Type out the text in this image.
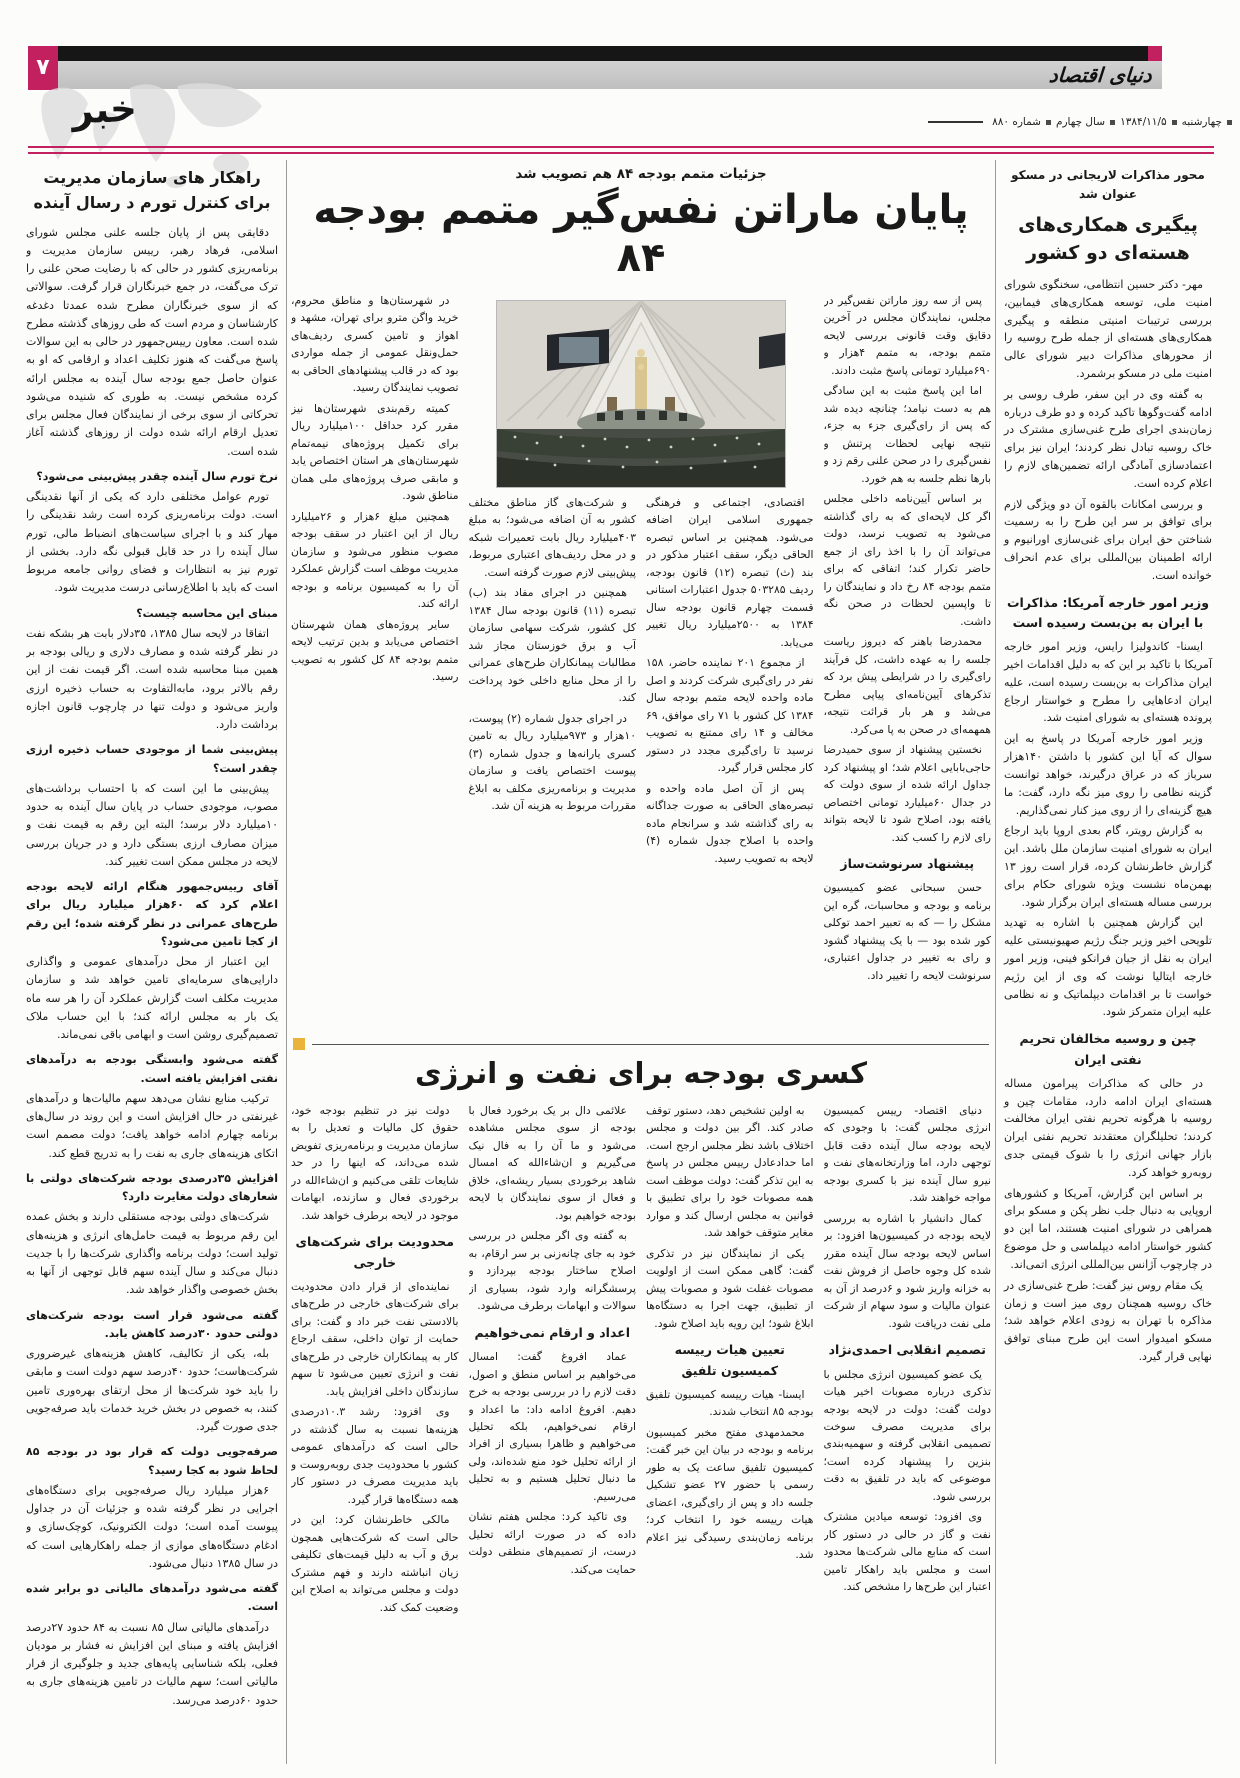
۷	دنیای اقتصاد
خبر	چهارشنبه
۱۳۸۴/۱۱/۵
سال چهارم
شماره ۸۸۰
محور مذاکرات لاریجانی در مسکو عنوان شد
پیگیری همکاری‌های هسته‌ای دو کشور
مهر- دکتر حسین انتظامی، سخنگوی شورای امنیت ملی، توسعه همکاری‌های فیمابین، بررسی ترتیبات امنیتی منطقه و پیگیری همکاری‌های هسته‌ای از جمله طرح روسیه را از محورهای مذاکرات دبیر شورای عالی امنیت ملی در مسکو برشمرد.
به گفته وی در این سفر، طرف روسی بر ادامه گفت‌وگوها تاکید کرده و دو طرف درباره زمان‌بندی اجرای طرح غنی‌سازی مشترک در خاک روسیه تبادل نظر کردند؛ ایران نیز برای اعتمادسازی آمادگی ارائه تضمین‌های لازم را اعلام کرده است.
و بررسی امکانات بالقوه آن دو ویژگی لازم برای توافق بر سر این طرح را به رسمیت شناختن حق ایران برای غنی‌سازی اورانیوم و ارائه اطمینان بین‌المللی برای عدم انحراف خوانده است.
وزیر امور خارجه آمریکا: مذاکرات با ایران به بن‌بست رسیده است
ایسنا- کاندولیزا رایس، وزیر امور خارجه آمریکا با تاکید بر این که به دلیل اقدامات اخیر ایران مذاکرات به بن‌بست رسیده است، علیه ایران ادعاهایی را مطرح و خواستار ارجاع پرونده هسته‌ای به شورای امنیت شد.
وزیر امور خارجه آمریکا در پاسخ به این سوال که آیا این کشور با داشتن ۱۴۰هزار سرباز که در عراق درگیرند، خواهد توانست گزینه نظامی را روی میز نگه دارد، گفت: ما هیچ گزینه‌ای را از روی میز کنار نمی‌گذاریم.
به گزارش رویتر، گام بعدی اروپا باید ارجاع ایران به شورای امنیت سازمان ملل باشد. این گزارش خاطرنشان کرده، قرار است روز ۱۳ بهمن‌ماه نشست ویژه شورای حکام برای بررسی مساله هسته‌ای ایران برگزار شود.
این گزارش همچنین با اشاره به تهدید تلویحی اخیر وزیر جنگ رژیم صهیونیستی علیه ایران به نقل از جیان فرانکو فینی، وزیر امور خارجه ایتالیا نوشت که وی از این رژیم خواست تا بر اقدامات دیپلماتیک و نه نظامی علیه ایران متمرکز شود.
چین و روسیه مخالفان تحریم نفتی ایران
در حالی که مذاکرات پیرامون مساله هسته‌ای ایران ادامه دارد، مقامات چین و روسیه با هرگونه تحریم نفتی ایران مخالفت کردند؛ تحلیلگران معتقدند تحریم نفتی ایران بازار جهانی انرژی را با شوک قیمتی جدی روبه‌رو خواهد کرد.
بر اساس این گزارش، آمریکا و کشورهای اروپایی به دنبال جلب نظر پکن و مسکو برای همراهی در شورای امنیت هستند، اما این دو کشور خواستار ادامه دیپلماسی و حل موضوع در چارچوب آژانس بین‌المللی انرژی اتمی‌اند.
یک مقام روس نیز گفت: طرح غنی‌سازی در خاک روسیه همچنان روی میز است و زمان مذاکره با تهران به زودی اعلام خواهد شد؛ مسکو امیدوار است این طرح مبنای توافق نهایی قرار گیرد.
جزئیات متمم بودجه ۸۴ هم تصویب شد
پایان ماراتن نفس‌گیر متمم بودجه ۸۴
پس از سه روز ماراتن نفس‌گیر در مجلس، نمایندگان مجلس در آخرین دقایق وقت قانونی بررسی لایحه متمم بودجه، به متمم ۴هزار و ۶۹۰میلیارد تومانی پاسخ مثبت دادند.
اما این پاسخ مثبت به این سادگی هم به دست نیامد؛ چنانچه دیده شد که پس از رای‌گیری جزء به جزء، نتیجه نهایی لحظات پرتنش و نفس‌گیری را در صحن علنی رقم زد و بارها نظم جلسه به هم خورد.
بر اساس آیین‌نامه داخلی مجلس اگر کل لایحه‌ای که به رای گذاشته می‌شود به تصویب نرسد، دولت می‌تواند آن را با اخذ رای از جمع حاضر تکرار کند؛ اتفاقی که برای متمم بودجه ۸۴ رخ داد و نمایندگان را تا واپسین لحظات در صحن نگه داشت.
محمدرضا باهنر که دیروز ریاست جلسه را به عهده داشت، کل فرآیند رای‌گیری را در شرایطی پیش برد که تذکرهای آیین‌نامه‌ای پیاپی مطرح می‌شد و هر بار قرائت نتیجه، همهمه‌ای در صحن به پا می‌کرد.
نخستین پیشنهاد از سوی حمیدرضا حاجی‌بابایی اعلام شد؛ او پیشنهاد کرد جداول ارائه شده از سوی دولت که در جدال ۶۰میلیارد تومانی اختصاص یافته بود، اصلاح شود تا لایحه بتواند رای لازم را کسب کند.
پیشنهاد سرنوشت‌ساز
حسن سبحانی عضو کمیسیون برنامه و بودجه و محاسبات، گره این مشکل را — که به تعبیر احمد توکلی کور شده بود — با یک پیشنهاد گشود و رای به تغییر در جداول اعتباری، سرنوشت لایحه را تغییر داد.
اقتصادی، اجتماعی و فرهنگی جمهوری اسلامی ایران اضافه می‌شود. همچنین بر اساس تبصره الحاقی دیگر، سقف اعتبار مذکور در بند (ث) تبصره (۱۲) قانون بودجه، ردیف ۵۰۳۲۸۵ جدول اعتبارات استانی قسمت چهارم قانون بودجه سال ۱۳۸۴ به ۲۵۰۰میلیارد ریال تغییر می‌یابد.
از مجموع ۲۰۱ نماینده حاضر، ۱۵۸ نفر در رای‌گیری شرکت کردند و اصل ماده واحده لایحه متمم بودجه سال ۱۳۸۴ کل کشور با ۷۱ رای موافق، ۶۹ مخالف و ۱۴ رای ممتنع به تصویب نرسید تا رای‌گیری مجدد در دستور کار مجلس قرار گیرد.
پس از آن اصل ماده واحده و تبصره‌های الحاقی به صورت جداگانه به رای گذاشته شد و سرانجام ماده واحده با اصلاح جدول شماره (۴) لایحه به تصویب رسید.
و شرکت‌های گاز مناطق مختلف کشور به آن اضافه می‌شود؛ به مبلغ ۴۰۳میلیارد ریال بابت تعمیرات شبکه و در محل ردیف‌های اعتباری مربوط، پیش‌بینی لازم صورت گرفته است.
همچنین در اجرای مفاد بند (ب) تبصره (۱۱) قانون بودجه سال ۱۳۸۴ کل کشور، شرکت سهامی سازمان آب و برق خوزستان مجاز شد مطالبات پیمانکاران طرح‌های عمرانی را از محل منابع داخلی خود پرداخت کند.
در اجرای جدول شماره (۲) پیوست، ۱۰هزار و ۹۷۳میلیارد ریال به تامین کسری یارانه‌ها و جدول شماره (۳) پیوست اختصاص یافت و سازمان مدیریت و برنامه‌ریزی مکلف به ابلاغ مقررات مربوط به هزینه آن شد.
در شهرستان‌ها و مناطق محروم، خرید واگن مترو برای تهران، مشهد و اهواز و تامین کسری ردیف‌های حمل‌ونقل عمومی از جمله مواردی بود که در قالب پیشنهادهای الحاقی به تصویب نمایندگان رسید.
کمیته رقم‌بندی شهرستان‌ها نیز مقرر کرد حداقل ۱۰۰میلیارد ریال برای تکمیل پروژه‌های نیمه‌تمام شهرستان‌های هر استان اختصاص یابد و مابقی صرف پروژه‌های ملی همان مناطق شود.
همچنین مبلغ ۶هزار و ۲۶میلیارد ریال از این اعتبار در سقف بودجه مصوب منظور می‌شود و سازمان مدیریت موظف است گزارش عملکرد آن را به کمیسیون برنامه و بودجه ارائه کند.
سایر پروژه‌های همان شهرستان اختصاص می‌یابد و بدین ترتیب لایحه متمم بودجه ۸۴ کل کشور به تصویب رسید.
کسری بودجه برای نفت و انرژی
دنیای اقتصاد- رییس کمیسیون انرژی مجلس گفت: با وجودی که لایحه بودجه سال آینده دقت قابل توجهی دارد، اما وزارتخانه‌های نفت و نیرو سال آینده نیز با کسری بودجه مواجه خواهند شد.
کمال دانشیار با اشاره به بررسی لایحه بودجه در کمیسیون‌ها افزود: بر اساس لایحه بودجه سال آینده مقرر شده کل وجوه حاصل از فروش نفت به خزانه واریز شود و ۶درصد از آن به عنوان مالیات و سود سهام از شرکت ملی نفت دریافت شود.
تصمیم انقلابی احمدی‌نژاد
یک عضو کمیسیون انرژی مجلس با تذکری درباره مصوبات اخیر هیات دولت گفت: دولت در لایحه بودجه برای مدیریت مصرف سوخت تصمیمی انقلابی گرفته و سهمیه‌بندی بنزین را پیشنهاد کرده است؛ موضوعی که باید در تلفیق به دقت بررسی شود.
وی افزود: توسعه میادین مشترک نفت و گاز در حالی در دستور کار است که منابع مالی شرکت‌ها محدود است و مجلس باید راهکار تامین اعتبار این طرح‌ها را مشخص کند.
به اولین تشخیص دهد، دستور توقف صادر کند. اگر بین دولت و مجلس اختلاف باشد نظر مجلس ارجح است. اما حدادعادل رییس مجلس در پاسخ به این تذکر گفت: دولت موظف است همه مصوبات خود را برای تطبیق با قوانین به مجلس ارسال کند و موارد مغایر متوقف خواهد شد.
یکی از نمایندگان نیز در تذکری گفت: گاهی ممکن است از اولویت مصوبات غفلت شود و مصوبات پیش از تطبیق، جهت اجرا به دستگاه‌ها ابلاغ شود؛ این رویه باید اصلاح شود.
تعیین هیات رییسه کمیسیون تلفیق
ایسنا- هیات رییسه کمیسیون تلفیق بودجه ۸۵ انتخاب شدند.
محمدمهدی مفتح مخبر کمیسیون برنامه و بودجه در بیان این خبر گفت: کمیسیون تلفیق ساعت یک به طور رسمی با حضور ۲۷ عضو تشکیل جلسه داد و پس از رای‌گیری، اعضای هیات رییسه خود را انتخاب کرد؛ برنامه زمان‌بندی رسیدگی نیز اعلام شد.
علائمی دال بر یک برخورد فعال با بودجه از سوی مجلس مشاهده می‌شود و ما آن را به فال نیک می‌گیریم و ان‌شاءالله که امسال شاهد برخوردی بسیار ریشه‌ای، خلاق و فعال از سوی نمایندگان با لایحه بودجه خواهیم بود.
به گفته وی اگر مجلس در بررسی خود به جای چانه‌زنی بر سر ارقام، به اصلاح ساختار بودجه بپردازد و پرسشگرانه وارد شود، بسیاری از سوالات و ابهامات برطرف می‌شود.
اعداد و ارقام نمی‌خواهیم
عماد افروغ گفت: امسال می‌خواهیم بر اساس منطق و اصول، دقت لازم را در بررسی بودجه به خرج دهیم. افروغ ادامه داد: ما اعداد و ارقام نمی‌خواهیم، بلکه تحلیل می‌خواهیم و ظاهرا بسیاری از افراد از ارائه تحلیل خود منع شده‌اند، ولی ما دنبال تحلیل هستیم و به تحلیل می‌رسیم.
وی تاکید کرد: مجلس هفتم نشان داده که در صورت ارائه تحلیل درست، از تصمیم‌های منطقی دولت حمایت می‌کند.
دولت نیز در تنظیم بودجه خود، حقوق کل مالیات و تعدیل را به سازمان مدیریت و برنامه‌ریزی تفویض شده می‌داند، که اینها را در حد شایعات تلقی می‌کنیم و ان‌شاءالله در برخوردی فعال و سازنده، ابهامات موجود در لایحه برطرف خواهد شد.
محدودیت برای شرکت‌های خارجی
نماینده‌ای از قرار دادن محدودیت برای شرکت‌های خارجی در طرح‌های بالادستی نفت خبر داد و گفت: برای حمایت از توان داخلی، سقف ارجاع کار به پیمانکاران خارجی در طرح‌های نفت و انرژی تعیین می‌شود تا سهم سازندگان داخلی افزایش یابد.
وی افزود: رشد ۱۰.۳درصدی هزینه‌ها نسبت به سال گذشته در حالی است که درآمدهای عمومی کشور با محدودیت جدی روبه‌روست و باید مدیریت مصرف در دستور کار همه دستگاه‌ها قرار گیرد.
مالکی خاطرنشان کرد: این در حالی است که شرکت‌هایی همچون برق و آب به دلیل قیمت‌های تکلیفی زیان انباشته دارند و فهم مشترک دولت و مجلس می‌تواند به اصلاح این وضعیت کمک کند.
راهکار های سازمان مدیریت
برای کنترل تورم د رسال آینده
دقایقی پس از پایان جلسه علنی مجلس شورای اسلامی، فرهاد رهبر، رییس سازمان مدیریت و برنامه‌ریزی کشور در حالی که با رضایت صحن علنی را ترک می‌گفت، در جمع خبرنگاران قرار گرفت. سوالاتی که از سوی خبرنگاران مطرح شده عمدتا دغدغه کارشناسان و مردم است که طی روزهای گذشته مطرح شده است. معاون رییس‌جمهور در حالی به این سوالات پاسخ می‌گفت که هنوز تکلیف اعداد و ارقامی که او به عنوان حاصل جمع بودجه سال آینده به مجلس ارائه کرده مشخص نیست. به طوری که شنیده می‌شود تحرکاتی از سوی برخی از نمایندگان فعال مجلس برای تعدیل ارقام ارائه شده دولت از روزهای گذشته آغاز شده است.
نرخ تورم سال آینده چقدر پیش‌بینی می‌شود؟
تورم عوامل مختلفی دارد که یکی از آنها نقدینگی است. دولت برنامه‌ریزی کرده است رشد نقدینگی را مهار کند و با اجرای سیاست‌های انضباط مالی، تورم سال آینده را در حد قابل قبولی نگه دارد. بخشی از تورم نیز به انتظارات و فضای روانی جامعه مربوط است که باید با اطلاع‌رسانی درست مدیریت شود.
مبنای این محاسبه چیست؟
اتفاقا در لایحه سال ۱۳۸۵، ۳۵دلار بابت هر بشکه نفت در نظر گرفته شده و مصارف دلاری و ریالی بودجه بر همین مبنا محاسبه شده است. اگر قیمت نفت از این رقم بالاتر برود، مابه‌التفاوت به حساب ذخیره ارزی واریز می‌شود و دولت تنها در چارچوب قانون اجازه برداشت دارد.
پیش‌بینی شما از موجودی حساب ذخیره ارزی چقدر است؟
پیش‌بینی ما این است که با احتساب برداشت‌های مصوب، موجودی حساب در پایان سال آینده به حدود ۱۰میلیارد دلار برسد؛ البته این رقم به قیمت نفت و میزان مصارف ارزی بستگی دارد و در جریان بررسی لایحه در مجلس ممکن است تغییر کند.
آقای رییس‌جمهور هنگام ارائه لایحه بودجه اعلام کرد که ۶۰هزار میلیارد ریال برای طرح‌های عمرانی در نظر گرفته شده؛ این رقم از کجا تامین می‌شود؟
این اعتبار از محل درآمدهای عمومی و واگذاری دارایی‌های سرمایه‌ای تامین خواهد شد و سازمان مدیریت مکلف است گزارش عملکرد آن را هر سه ماه یک بار به مجلس ارائه کند؛ با این حساب ملاک تصمیم‌گیری روشن است و ابهامی باقی نمی‌ماند.
گفته می‌شود وابستگی بودجه به درآمدهای نفتی افزایش یافته است.
ترکیب منابع نشان می‌دهد سهم مالیات‌ها و درآمدهای غیرنفتی در حال افزایش است و این روند در سال‌های برنامه چهارم ادامه خواهد یافت؛ دولت مصمم است اتکای هزینه‌های جاری به نفت را به تدریج قطع کند.
افزایش ۳۵درصدی بودجه شرکت‌های دولتی با شعارهای دولت مغایرت دارد؟
شرکت‌های دولتی بودجه مستقلی دارند و بخش عمده این رقم مربوط به قیمت حامل‌های انرژی و هزینه‌های تولید است؛ دولت برنامه واگذاری شرکت‌ها را با جدیت دنبال می‌کند و سال آینده سهم قابل توجهی از آنها به بخش خصوصی واگذار خواهد شد.
گفته می‌شود قرار است بودجه شرکت‌های دولتی حدود ۳۰درصد کاهش یابد.
بله، یکی از تکالیف، کاهش هزینه‌های غیرضروری شرکت‌هاست؛ حدود ۴۰درصد سهم دولت است و مابقی را باید خود شرکت‌ها از محل ارتقای بهره‌وری تامین کنند، به خصوص در بخش خرید خدمات باید صرفه‌جویی جدی صورت گیرد.
صرفه‌جویی دولت که قرار بود در بودجه ۸۵ لحاظ شود به کجا رسید؟
۶هزار میلیارد ریال صرفه‌جویی برای دستگاه‌های اجرایی در نظر گرفته شده و جزئیات آن در جداول پیوست آمده است؛ دولت الکترونیک، کوچک‌سازی و ادغام دستگاه‌های موازی از جمله راهکارهایی است که در سال ۱۳۸۵ دنبال می‌شود.
گفته می‌شود درآمدهای مالیاتی دو برابر شده است.
درآمدهای مالیاتی سال ۸۵ نسبت به ۸۴ حدود ۲۷درصد افزایش یافته و مبنای این افزایش نه فشار بر مودیان فعلی، بلکه شناسایی پایه‌های جدید و جلوگیری از فرار مالیاتی است؛ سهم مالیات در تامین هزینه‌های جاری به حدود ۶۰درصد می‌رسد.
